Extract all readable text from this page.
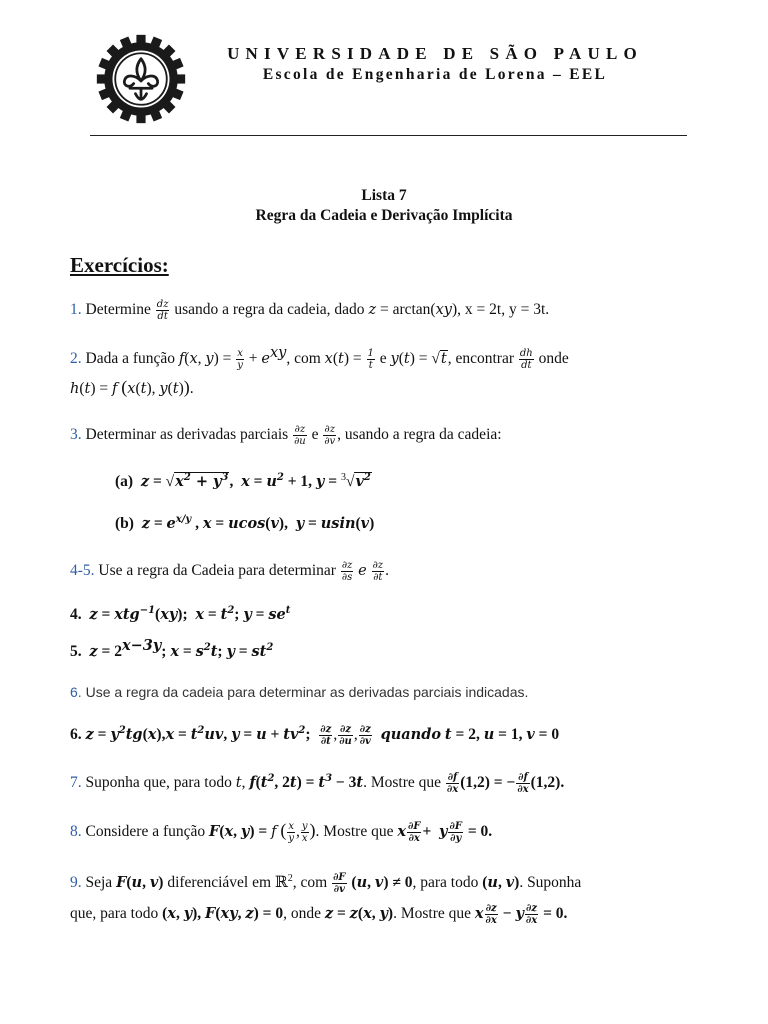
UNIVERSIDADE DE SÃO PAULO
Escola de Engenharia de Lorena – EEL
Lista 7
Regra da Cadeia e Derivação Implícita
Exercícios:
1. Determine $\frac{dz}{dt}$ usando a regra da cadeia, dado z = arctan(xy), x = 2t, y = 3t.
2. Dada a função f(x, $y) = \frac{x}{y} + e^{xy}$, com $x(t) = \frac{1}{t}$ e y(t) = √t, encontrar $\frac{dh}{dt}$ onde
h(t) = f (x(t), y(t)).
3. Determinar as derivadas parciais $\frac{\partial z}{\partial u}$ e $\frac{\partial z}{\partial v}$ , usando a regra da cadeia:
(a) $z = √x^2 + y^3$, $x = u^2 + 1$, $y = ^3√v^2$
(b) $z = e^{x/y}$ , x = ucos(v), y = usin(v)
4-5. Use a regra da Cadeia para determinar $\frac{\partial z}{\partial s}$ e $\frac{\partial z}{\partial t}$ .
4. z = xtg$^{-1}$(xy); $x = t^2$; $y = se^t$
5. $z = 2^{x-3y}$; $x = s^2t$; $y = st^2$
6. Use a regra da cadeia para determinar as derivadas parciais indicadas.
6. $z = y^2tg(x),x = t^2uv$, $y = u + tv^2$; $\frac{\partial z}{\partial t}$ , $\frac{\partial z}{\partial u}$ , $\frac{\partial z}{\partial v}$ quando t = 2, u = 1, v = 0
7. Suponha que, para todo t, $f(t^2$, $2t) = t^3 - 3t$. Mostre que $\frac{\partial f}{\partial x} (1,2)$ = − $\frac{\partial f}{\partial x} (1,2)$.
8. Considere a função F(x, y) = f ( $\frac{x}{y}$ , $\frac{y}{x}$ ). Mostre que x $\frac{\partial F}{\partial x} + y \frac{\partial F}{\partial y} = 0$.
9. Seja F(u, v) diferenciável em ℝ$^2$, com $\frac{\partial F}{\partial v} (u$, v) ≠ 0, para todo (u, v). Suponha
que, para todo (x, y), F(xy, z) = 0, onde z = z(x, y). Mostre que x $\frac{\partial z}{\partial x} - y \frac{\partial z}{\partial x} = 0$.
